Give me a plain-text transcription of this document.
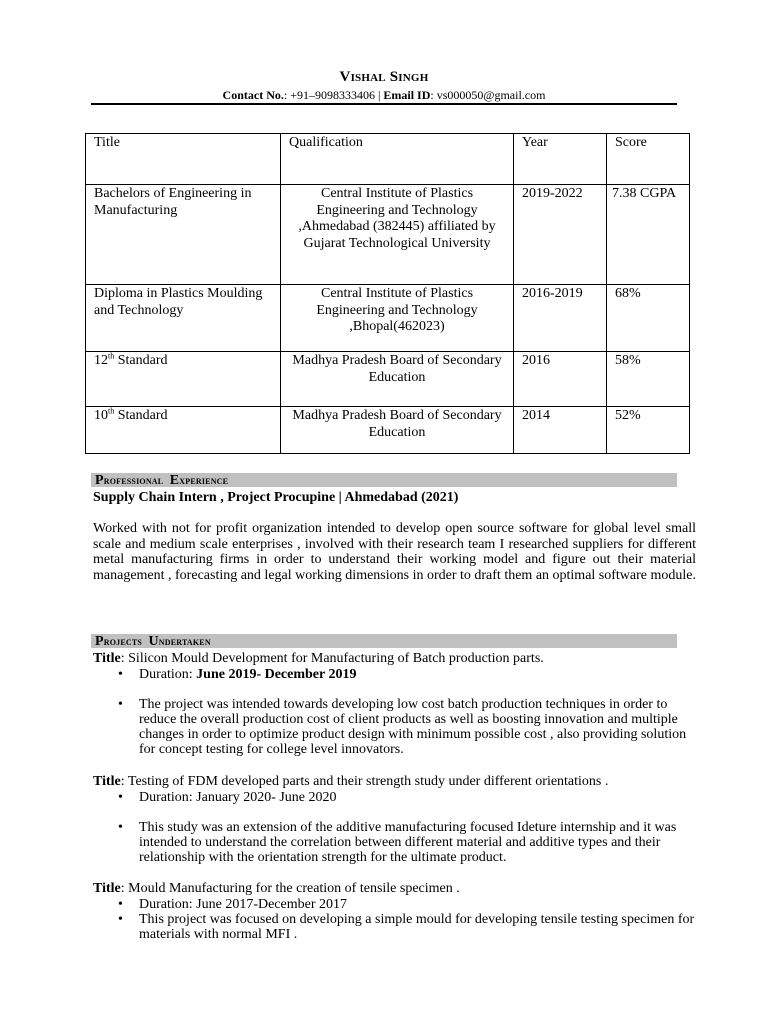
Vishal Singh
Contact No.: +91–9098333406 | Email ID: vs000050@gmail.com
Title	Qualification	Year	Score
Bachelors of Engineering in Manufacturing	Central Institute of Plastics Engineering and Technology ,Ahmedabad (382445) affiliated by Gujarat Technological University	2019-2022	7.38 CGPA
Diploma in Plastics Moulding and Technology	Central Institute of Plastics Engineering and Technology ,Bhopal(462023)	2016-2019	68%
12th Standard	Madhya Pradesh Board of Secondary Education	2016	58%
10th Standard	Madhya Pradesh Board of Secondary Education	2014	52%
Professional  Experience
Supply Chain Intern , Project Procupine | Ahmedabad (2021)
Worked with not for profit organization intended to develop open source software for global level small scale and medium scale enterprises , involved with their research team I researched suppliers for different metal manufacturing firms in order to understand their working model and figure out their material management , forecasting and legal working dimensions in order to draft them an optimal software module.
Projects  Undertaken
Title: Silicon Mould Development for Manufacturing of Batch production parts.
• Duration: June 2019- December 2019
• The project was intended towards developing low cost batch production techniques in order to reduce the overall production cost of client products as well as boosting innovation and multiple changes in order to optimize product design with minimum possible cost , also providing solution for concept testing for college level innovators.
Title: Testing of FDM developed parts and their strength study under different orientations .
• Duration: January 2020- June 2020
• This study was an extension of the additive manufacturing focused Ideture internship and it was intended to understand the correlation between different material and additive types and their relationship with the orientation strength for the ultimate product.
Title: Mould Manufacturing for the creation of tensile specimen .
• Duration: June 2017-December 2017
• This project was focused on developing a simple mould for developing tensile testing specimen for materials with normal MFI .
